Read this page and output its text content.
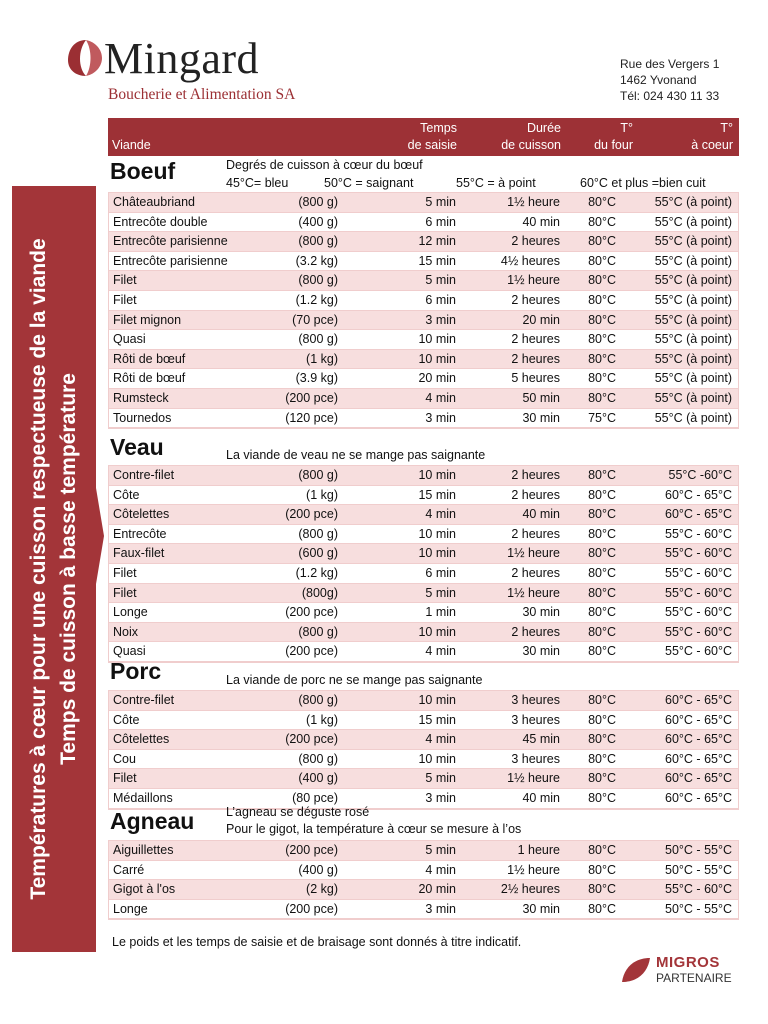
Mingard
Boucherie et Alimentation SA
Rue des Vergers 1
1462 Yvonand
Tél: 024 430 11 33
Températures à cœur pour une cuisson respectueuse de la viande Temps de cuisson à basse température
Viande
Temps
de saisie
Durée
de cuisson
T°
du four
T°
à coeur
Boeuf	Degrés de cuisson à cœur du bœuf
45°C= bleu	50°C = saignant	55°C = à point	60°C et plus =bien cuit
Châteaubriand	(800 g)	5 min	1½ heure 80°C	55°C (à point)
Entrecôte double	(400 g)	6 min	40 min 80°C	55°C (à point)
Entrecôte parisienne	(800 g)	12 min	2 heures 80°C	55°C (à point)
Entrecôte parisienne	(3.2 kg)	15 min	4½ heures 80°C	55°C (à point)
Filet	(800 g)	5 min	1½ heure 80°C	55°C (à point)
Filet	(1.2 kg)	6 min	2 heures 80°C	55°C (à point)
Filet mignon	(70 pce)	3 min	20 min 80°C	55°C (à point)
Quasi	(800 g)	10 min	2 heures 80°C	55°C (à point)
Rôti de bœuf	(1 kg)	10 min	2 heures 80°C	55°C (à point)
Rôti de bœuf	(3.9 kg)	20 min	5 heures 80°C	55°C (à point)
Rumsteck	(200 pce)	4 min	50 min 80°C	55°C (à point)
Tournedos	(120 pce)	3 min	30 min 75°C	55°C (à point)
Veau	La viande de veau ne se mange pas saignante
Contre-filet	(800 g)	10 min	2 heures 80°C	55°C -60°C
Côte	(1 kg)	15 min	2 heures 80°C	60°C - 65°C
Côtelettes	(200 pce)	4 min	40 min 80°C	60°C - 65°C
Entrecôte	(800 g)	10 min	2 heures 80°C	55°C - 60°C
Faux-filet	(600 g)	10 min	1½ heure 80°C	55°C - 60°C
Filet	(1.2 kg)	6 min	2 heures 80°C	55°C - 60°C
Filet	(800g)	5 min	1½ heure 80°C	55°C - 60°C
Longe	(200 pce)	1 min	30 min 80°C	55°C - 60°C
Noix	(800 g)	10 min	2 heures 80°C	55°C - 60°C
Quasi	(200 pce)	4 min	30 min 80°C	55°C - 60°C
Porc	La viande de porc ne se mange pas saignante
Contre-filet	(800 g)	10 min	3 heures 80°C	60°C - 65°C
Côte	(1 kg)	15 min	3 heures 80°C	60°C - 65°C
Côtelettes	(200 pce)	4 min	45 min 80°C	60°C - 65°C
Cou	(800 g)	10 min	3 heures 80°C	60°C - 65°C
Filet	(400 g)	5 min	1½ heure 80°C	60°C - 65°C
Médaillons	(80 pce)	3 min	40 min 80°C	60°C - 65°C
Agneau	L’agneau se déguste rosé
Pour le gigot, la température à cœur se mesure à l’os
Aiguillettes	(200 pce)	5 min	1 heure 80°C	50°C - 55°C
Carré	(400 g)	4 min	1½ heure 80°C	50°C - 55°C
Gigot à l'os	(2 kg)	20 min	2½ heures 80°C	55°C - 60°C
Longe	(200 pce)	3 min	30 min 80°C	50°C - 55°C
Le poids et les temps de saisie et de braisage sont donnés à titre indicatif.
MIGROS
PARTENAIRE
